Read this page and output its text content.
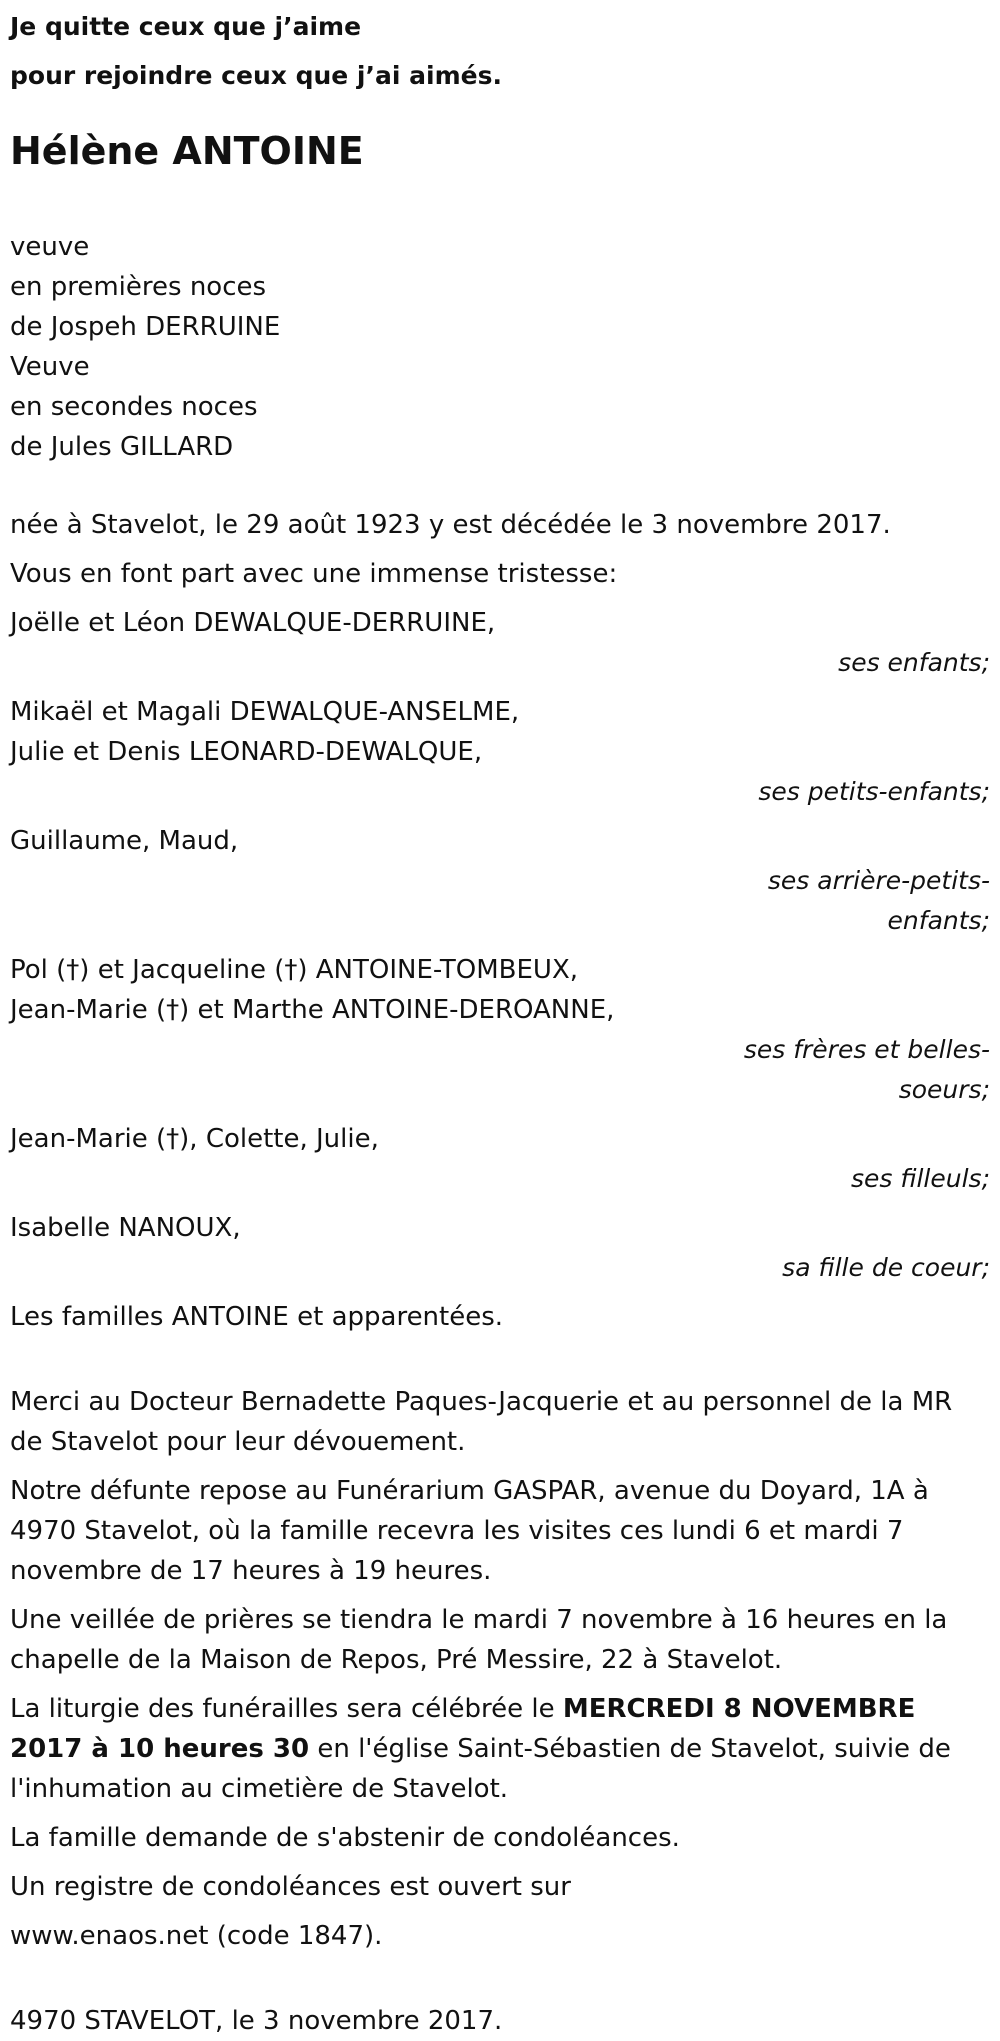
Je quitte ceux que j’aime
pour rejoindre ceux que j’ai aimés.
Hélène ANTOINE
veuve
en premières noces
de Jospeh DERRUINE
Veuve
en secondes noces
de Jules GILLARD
née à Stavelot, le 29 août 1923 y est décédée le 3 novembre 2017.
Vous en font part avec une immense tristesse:
Joëlle et Léon DEWALQUE-DERRUINE,
ses enfants;
Mikaël et Magali DEWALQUE-ANSELME,
Julie et Denis LEONARD-DEWALQUE,
ses petits-enfants;
Guillaume, Maud,
ses arrière-petits-enfants;
Pol (†) et Jacqueline (†) ANTOINE-TOMBEUX,
Jean-Marie (†) et Marthe ANTOINE-DEROANNE,
ses frères et belles-soeurs;
Jean-Marie (†), Colette, Julie,
ses filleuls;
Isabelle NANOUX,
sa fille de coeur;
Les familles ANTOINE et apparentées.
Merci au Docteur Bernadette Paques-Jacquerie et au personnel de la MR de Stavelot pour leur dévouement.
Notre défunte repose au Funérarium GASPAR, avenue du Doyard, 1A à 4970 Stavelot, où la famille recevra les visites ces lundi 6 et mardi 7 novembre de 17 heures à 19 heures.
Une veillée de prières se tiendra le mardi 7 novembre à 16 heures en la chapelle de la Maison de Repos, Pré Messire, 22 à Stavelot.
La liturgie des funérailles sera célébrée le MERCREDI 8 NOVEMBRE 2017 à 10 heures 30 en l'église Saint-Sébastien de Stavelot, suivie de l'inhumation au cimetière de Stavelot.
La famille demande de s'abstenir de condoléances.
Un registre de condoléances est ouvert sur
www.enaos.net (code 1847).
4970 STAVELOT, le 3 novembre 2017.
